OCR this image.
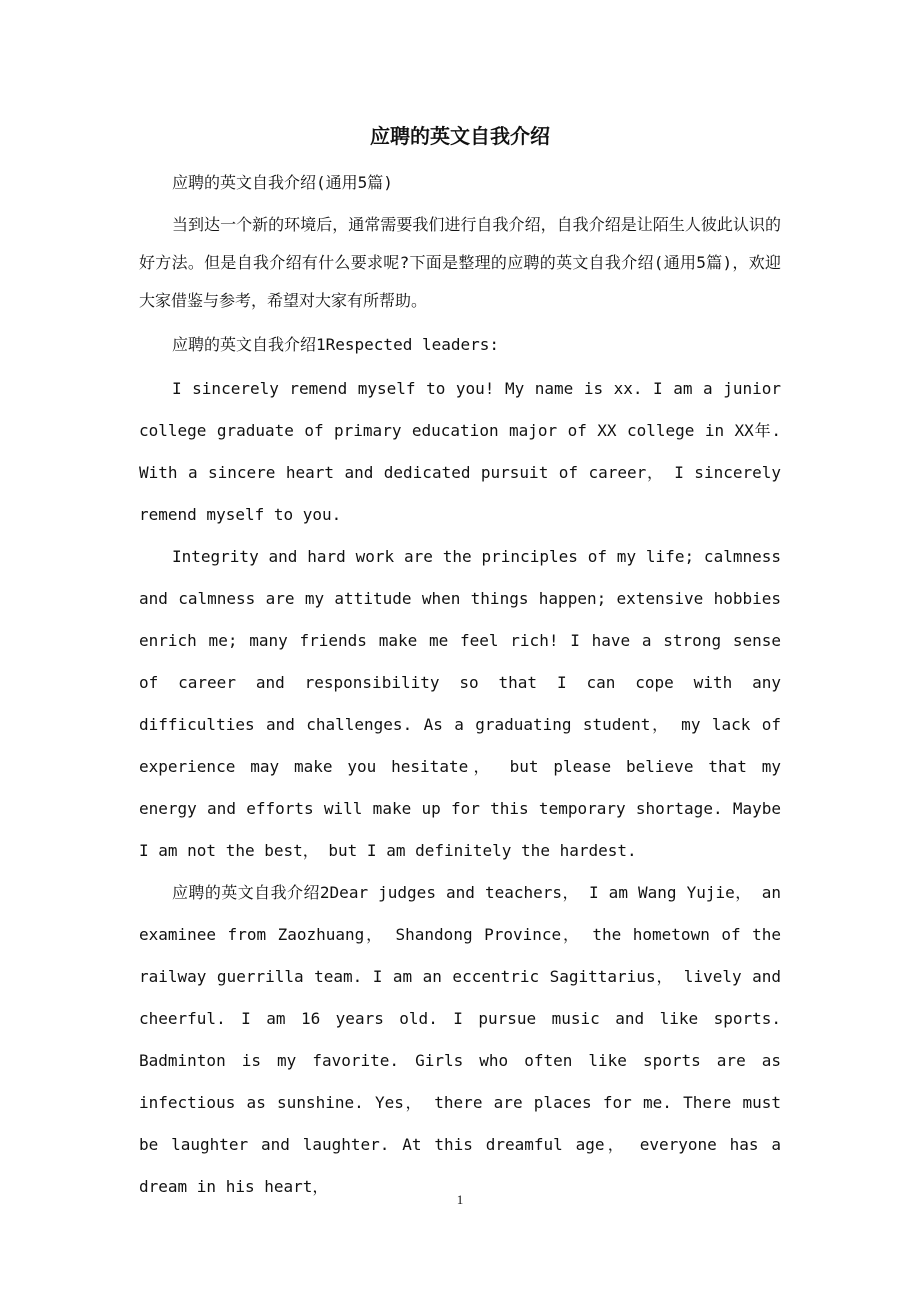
应聘的英文自我介绍

应聘的英文自我介绍(通用5篇)

当到达一个新的环境后，通常需要我们进行自我介绍，自我介绍是让陌生人彼此认识的好方法。但是自我介绍有什么要求呢?下面是整理的应聘的英文自我介绍(通用5篇)，欢迎大家借鉴与参考，希望对大家有所帮助。

应聘的英文自我介绍1Respected leaders:

I sincerely remend myself to you! My name is xx. I am a junior college graduate of primary education major of XX college in XX年. With a sincere heart and dedicated pursuit of career， I sincerely remend myself to you.

Integrity and hard work are the principles of my life; calmness and calmness are my attitude when things happen; extensive hobbies enrich me; many friends make me feel rich! I have a strong sense of career and responsibility so that I can cope with any difficulties and challenges. As a graduating student， my lack of experience may make you hesitate， but please believe that my energy and efforts will make up for this temporary shortage. Maybe I am not the best， but I am definitely the hardest.

应聘的英文自我介绍2Dear judges and teachers， I am Wang Yujie， an examinee from Zaozhuang， Shandong Province， the hometown of the railway guerrilla team. I am an eccentric Sagittarius， lively and cheerful. I am 16 years old. I pursue music and like sports. Badminton is my favorite. Girls who often like sports are as infectious as sunshine. Yes， there are places for me. There must be laughter and laughter. At this dreamful age， everyone has a dream in his heart，

1
